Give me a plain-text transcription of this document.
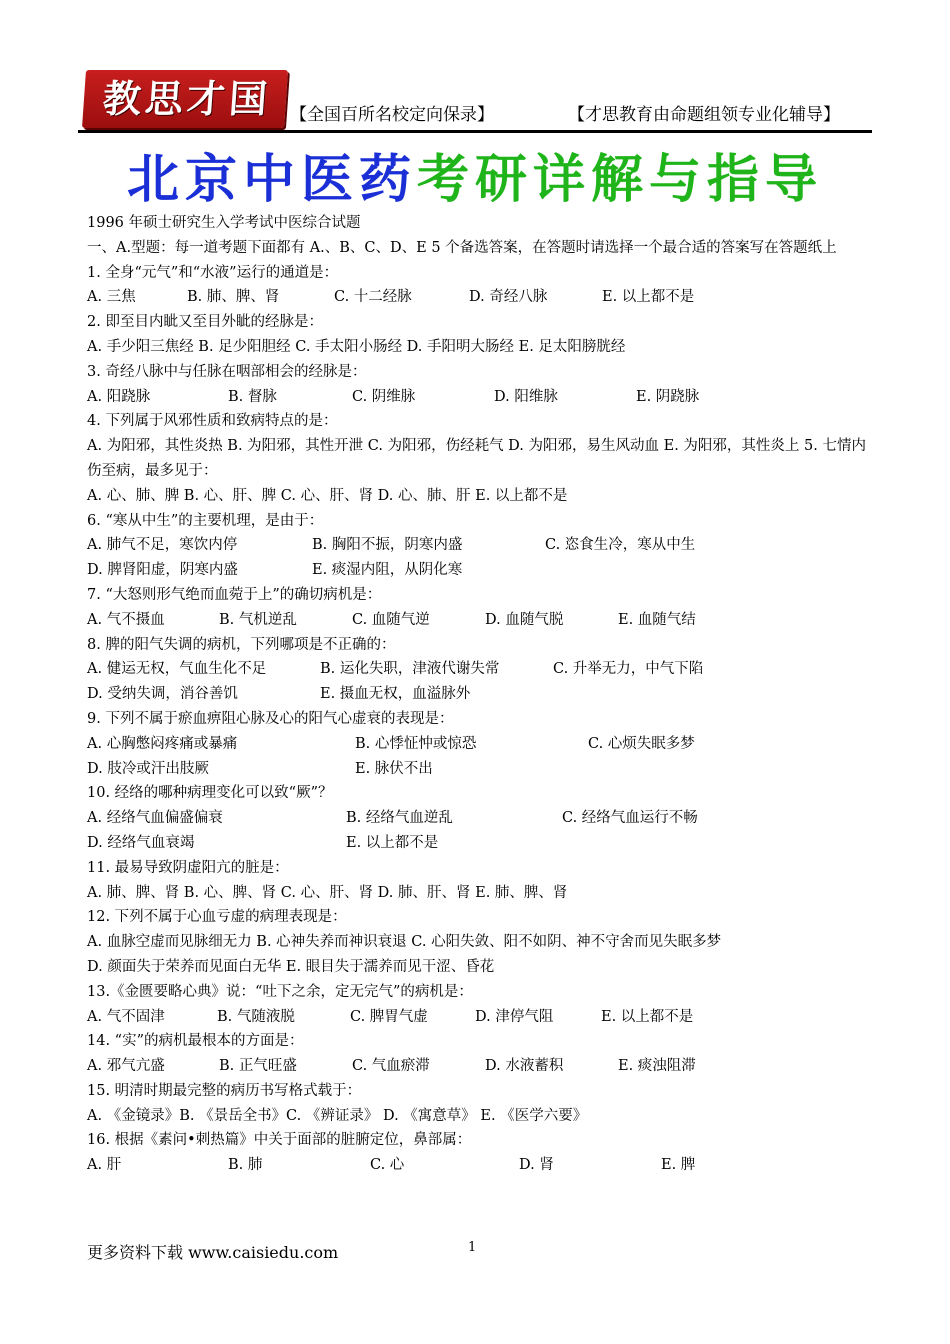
教思才国	【全国百所名校定向保录】	【才思教育由命题组领专业化辅导】
北京中医药考研详解与指导
1996 年硕士研究生入学考试中医综合试题
一、A.型题：每一道考题下面都有 A.、B、C、D、E 5 个备选答案，在答题时请选择一个最合适的答案写在答题纸上
1. 全身“元气”和“水液”运行的通道是：
A. 三焦	B. 肺、脾、肾	C. 十二经脉	D. 奇经八脉	E. 以上都不是
2. 即至目内眦又至目外眦的经脉是：
A. 手少阳三焦经 B. 足少阳胆经 C. 手太阳小肠经 D. 手阳明大肠经 E. 足太阳膀胱经
3. 奇经八脉中与任脉在咽部相会的经脉是：
A. 阳跷脉	B. 督脉	C. 阴维脉	D. 阳维脉	E. 阴跷脉
4. 下列属于风邪性质和致病特点的是：
A. 为阳邪，其性炎热 B. 为阳邪，其性开泄 C. 为阳邪，伤经耗气 D. 为阳邪，易生风动血 E. 为阳邪，其性炎上 5. 七情内伤至病，最多见于：
A. 心、肺、脾 B. 心、肝、脾 C. 心、肝、肾 D. 心、肺、肝 E. 以上都不是
6. “寒从中生”的主要机理，是由于：
A. 肺气不足，寒饮内停	B. 胸阳不振，阴寒内盛	C. 恣食生冷，寒从中生
D. 脾肾阳虚，阴寒内盛	E. 痰湿内阻，从阴化寒
7. “大怒则形气绝而血菀于上”的确切病机是：
A. 气不摄血	B. 气机逆乱	C. 血随气逆	D. 血随气脱	E. 血随气结
8. 脾的阳气失调的病机，下列哪项是不正确的：
A. 健运无权，气血生化不足	B. 运化失职，津液代谢失常	C. 升举无力，中气下陷
D. 受纳失调，消谷善饥	E. 摄血无权，血溢脉外
9. 下列不属于瘀血痹阻心脉及心的阳气心虚衰的表现是：
A. 心胸憋闷疼痛或暴痛	B. 心悸怔忡或惊恐	C. 心烦失眠多梦
D. 肢冷或汗出肢厥	E. 脉伏不出
10. 经络的哪种病理变化可以致“厥”？
A. 经络气血偏盛偏衰	B. 经络气血逆乱	C. 经络气血运行不畅
D. 经络气血衰竭	E. 以上都不是
11. 最易导致阴虚阳亢的脏是：
A. 肺、脾、肾 B. 心、脾、肾 C. 心、肝、肾 D. 肺、肝、肾 E. 肺、脾、肾
12. 下列不属于心血亏虚的病理表现是：
A. 血脉空虚而见脉细无力 B. 心神失养而神识衰退 C. 心阳失敛、阳不如阴、神不守舍而见失眠多梦
D. 颜面失于荣养而见面白无华 E. 眼目失于濡养而见干涩、昏花
13.《金匮要略心典》说：“吐下之余，定无完气”的病机是：
A. 气不固津	B. 气随液脱	C. 脾胃气虚	D. 津停气阻	E. 以上都不是
14. “实”的病机最根本的方面是：
A. 邪气亢盛	B. 正气旺盛	C. 气血瘀滞	D. 水液蓄积	E. 痰浊阻滞
15. 明清时期最完整的病历书写格式载于：
A. 《金镜录》B. 《景岳全书》C. 《辨证录》 D. 《寓意草》 E. 《医学六要》
16. 根据《素问•刺热篇》中关于面部的脏腑定位，鼻部属：
A. 肝	B. 肺	C. 心	D. 肾	E. 脾
更多资料下载 www.caisiedu.com	1
